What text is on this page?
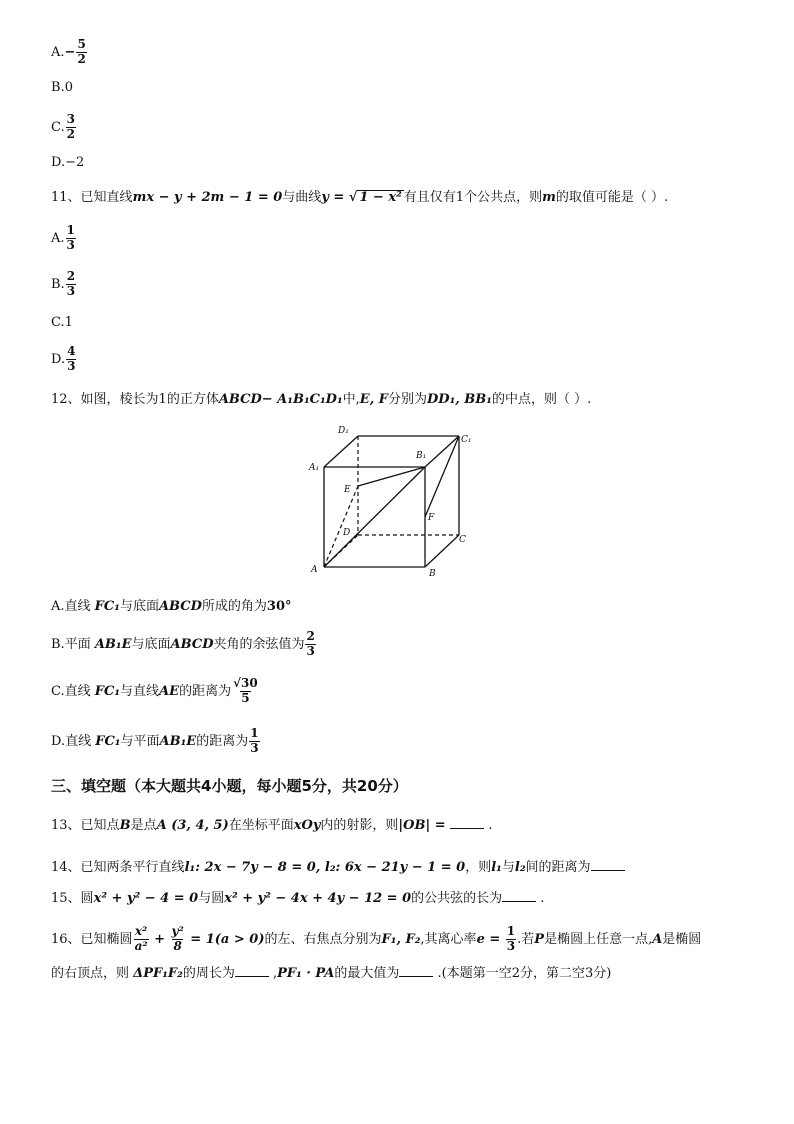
$A.- \frac{5}{2}$
B.0
C. $\frac{3}{2}$
D.−2
11、已知直线mx − y + 2m − 1 = 0与曲线y = √ 1 − x² 有且仅有1个公共点，则m的取值可能是（ ）.
A. $\frac{1}{3}$
B. $\frac{2}{3}$
C.1
D. $\frac{4}{3}$
12、如图，棱长为1的正方体ABCD− A₁B₁C₁D₁中,E, F分别为DD₁, BB₁的中点，则（ ）.
D₁
C₁
A₁
B₁
E
F
D
C
A	B
A.直线 FC₁与底面ABCD所成的角为30°
B.平面 AB₁E与底面ABCD夹角的余弦值为 $\frac{2}{3}$
C.直线 FC₁与直线AE的距离为 $\frac{√30}{5}$
D.直线 FC₁与平面AB₁E的距离为 $\frac{1}{3}$
三、填空题（本大题共4小题，每小题5分，共20分）
13、已知点B是点A (3, 4, 5)在坐标平面xOy内的射影，则|OB| =	.
14、已知两条平行直线l₁: 2x − 7y − 8 = 0, l₂: 6x − 21y − 1 = 0，则l₁与l₂间的距离为
15、圆x² + y² − 4 = 0与圆x² + y² − 4x + 4y − 12 = 0的公共弦的长为	.
16、已知椭圆 $\frac{\text{x²}}{\text{a²}} + \frac{\text{y²}}{8} = 1(a > 0)$的左、右焦点分别为F₁, F₂,其离心率$e = \frac{1}{3}$ .若P是椭圆上任意一点,A是椭圆
的右顶点，则 ΔPF₁F₂的周长为	,PF₁ · PA的最大值为	.(本题第一空2分，第二空3分)
